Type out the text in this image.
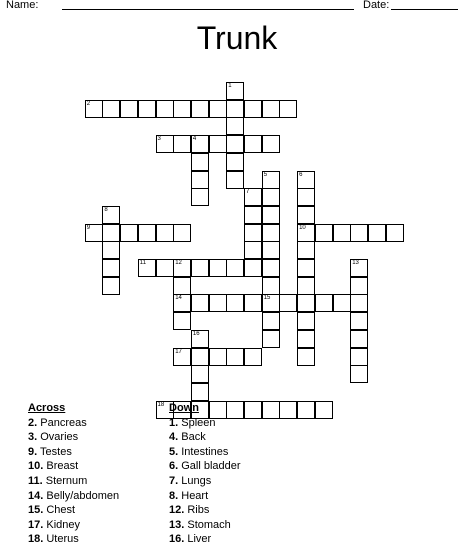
Name:	Date:
Trunk
1
2
3	4
5
15
6
10
7
8
9
11	12
14
13
16
17
18
Across
2. Pancreas
3. Ovaries
9. Testes
10. Breast
11. Sternum
14. Belly/abdomen
15. Chest
17. Kidney
18. Uterus
Down
1. Spleen
4. Back
5. Intestines
6. Gall bladder
7. Lungs
8. Heart
12. Ribs
13. Stomach
16. Liver
